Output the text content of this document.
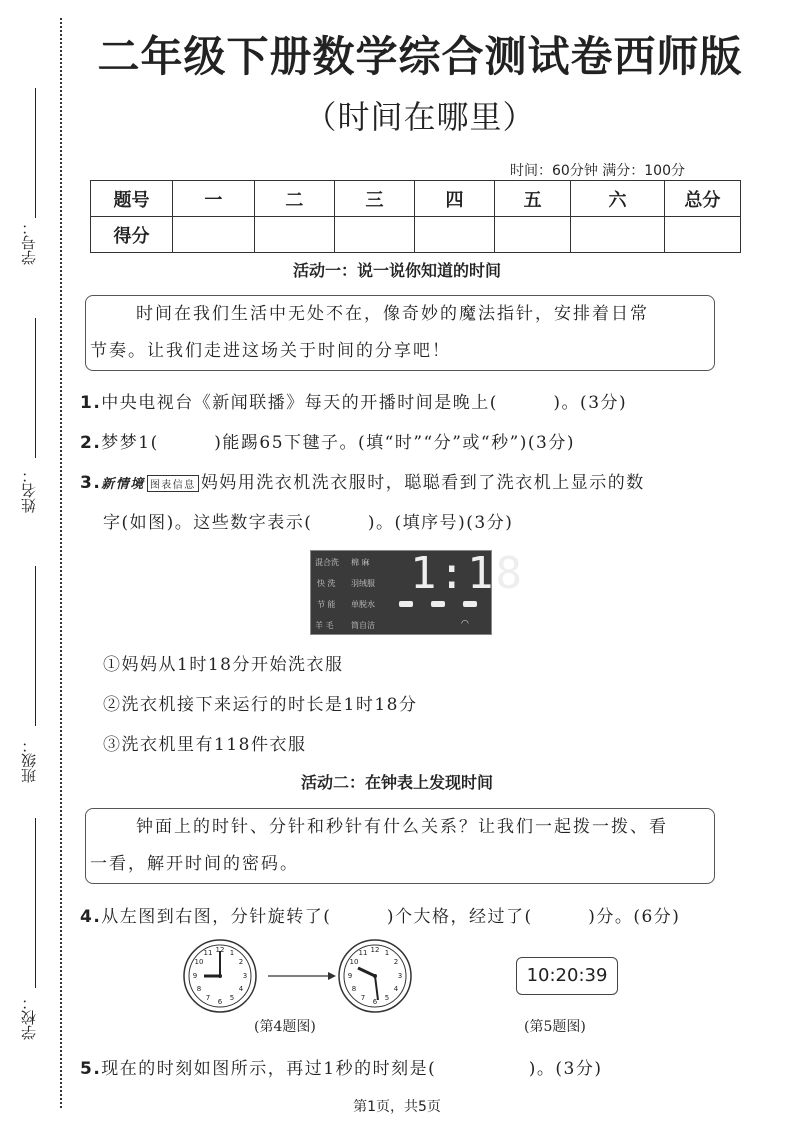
学号：
姓名：
班级：
学校：
二年级下册数学综合测试卷西师版
（时间在哪里）
时间：60分钟 满分：100分
题号	一	二	三	四	五	六	总分
得分							
活动一：说一说你知道的时间

时间在我们生活中无处不在，像奇妙的魔法指针，安排着日常

节奏。让我们走进这场关于时间的分享吧！

1.中央电视台《新闻联播》每天的开播时间是晚上(　　　)。(3分)
2.梦梦1(　　　)能踢65下毽子。(填“时”“分”或“秒”)(3分)
3.新情境 图表信息 妈妈用洗衣机洗衣服时，聪聪看到了洗衣机上显示的数
字(如图)。这些数字表示(　　　)。(填序号)(3分)
混合洗 棉 麻
快 洗 羽绒服
节 能 单脱水
羊 毛 筒自洁	◠
1:18
①妈妈从1时18分开始洗衣服
②洗衣机接下来运行的时长是1时18分
③洗衣机里有118件衣服
活动二：在钟表上发现时间

钟面上的时针、分针和秒针有什么关系？让我们一起拨一拨、看

一看，解开时间的密码。

4.从左图到右图，分针旋转了(　　　)个大格，经过了(　　　)分。(6分)
12 1
2
3
4
5
6
7
8
9
10
11	12 1
2
3
4
5
6
7
8
9
10
11
10:20:39
(第4题图)	(第5题图)
5.现在的时刻如图所示，再过1秒的时刻是(　　　　　)。(3分)
第1页，共5页
